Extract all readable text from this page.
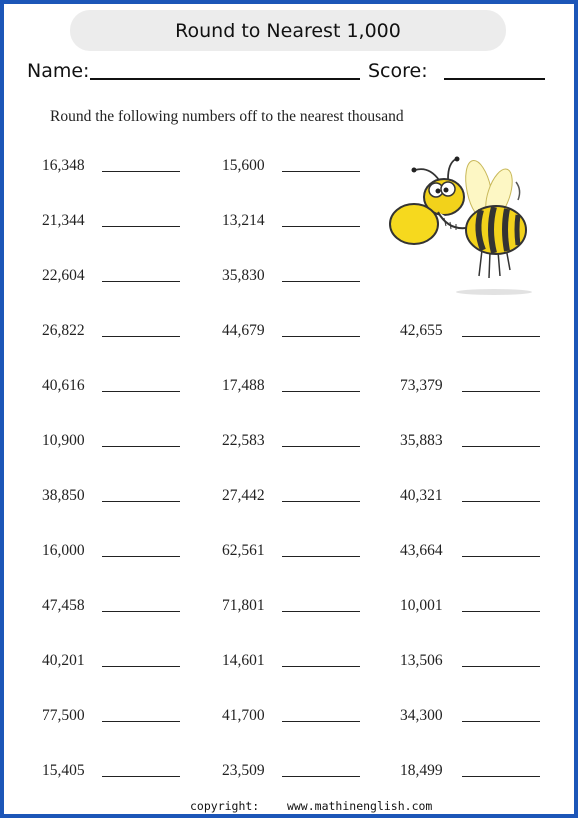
Round to Nearest 1,000
Name:	Score:
Round the following numbers off to the nearest thousand
16,348
21,344
22,604
26,822
40,616
10,900
38,850
16,000
47,458
40,201
77,500
15,405
15,600
13,214
35,830
44,679
17,488
22,583
27,442
62,561
71,801
14,601
41,700
23,509
42,655
73,379
35,883
40,321
43,664
10,001
13,506
34,300
18,499
copyright: www.mathinenglish.com
